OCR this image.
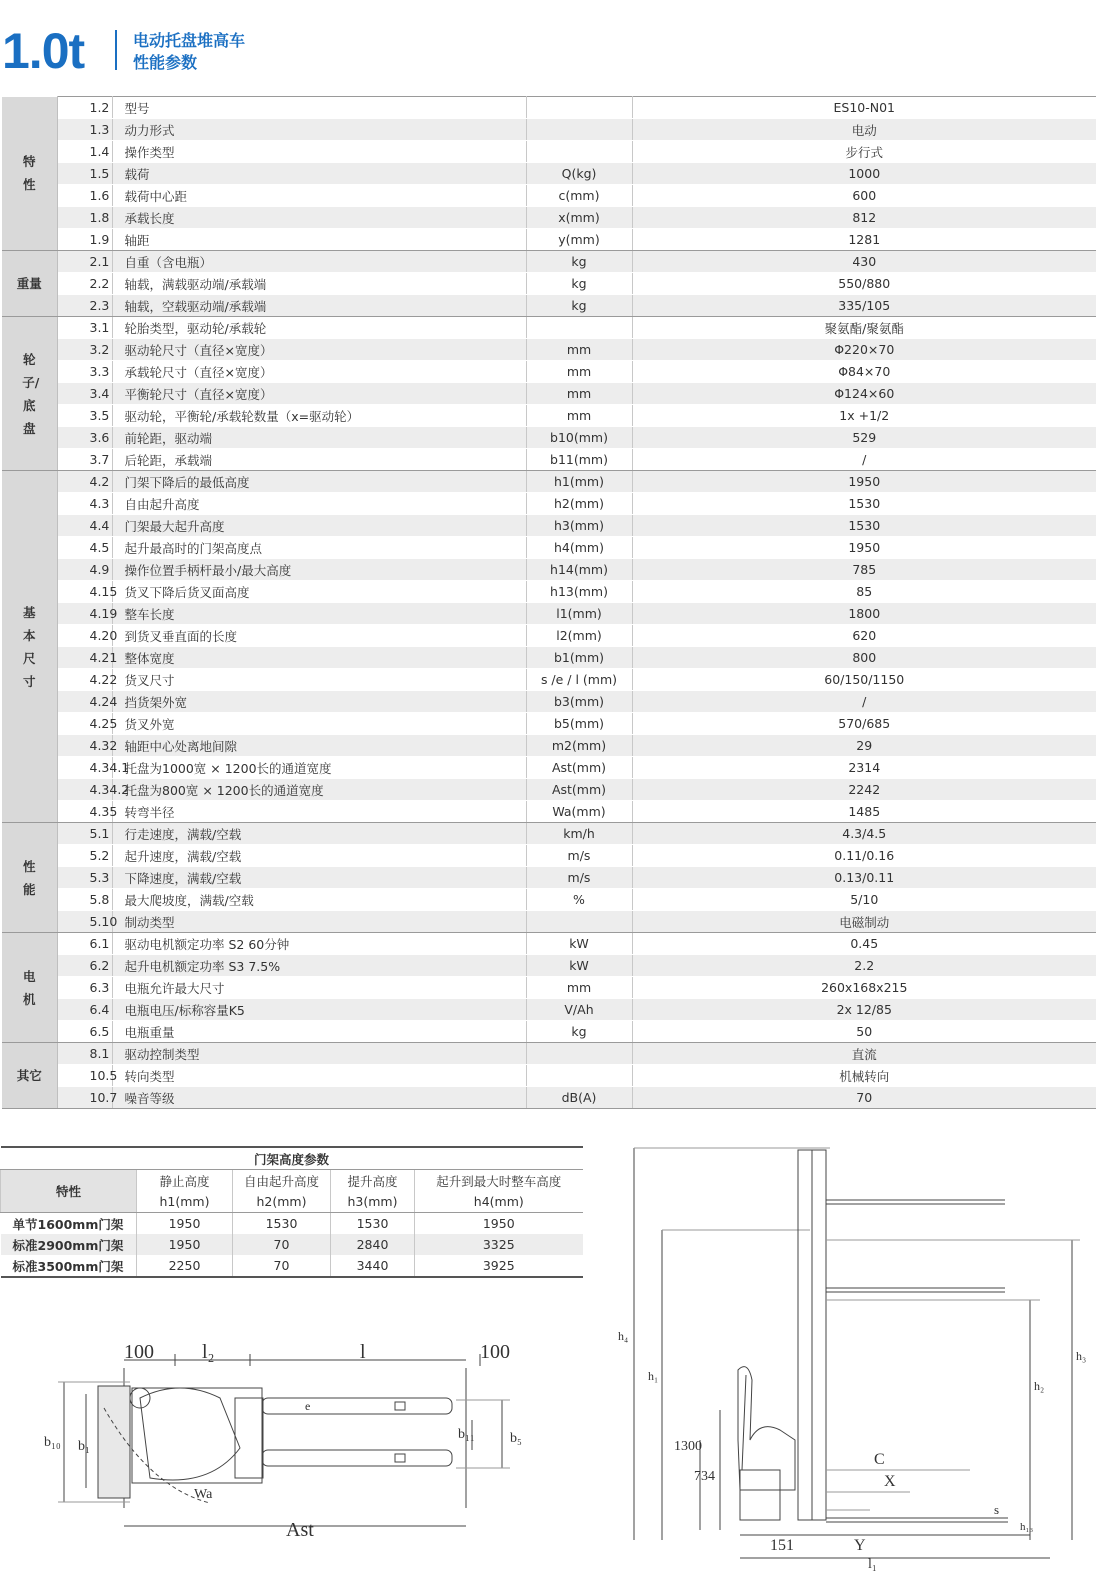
1.0t	电动托盘堆高车
性能参数
特性	1.2	型号		ES10-N01
	1.3	动力形式		电动
	1.4	操作类型		步行式
	1.5	载荷	Q(kg)	1000
	1.6	载荷中心距	c(mm)	600
	1.8	承载长度	x(mm)	812
	1.9	轴距	y(mm)	1281
重量	2.1	自重（含电瓶）	kg	430
	2.2	轴载，满载驱动端/承载端	kg	550/880
	2.3	轴载，空载驱动端/承载端	kg	335/105
轮子/底盘	3.1	轮胎类型，驱动轮/承载轮		聚氨酯/聚氨酯
	3.2	驱动轮尺寸（直径×宽度）	mm	Φ220×70
	3.3	承载轮尺寸（直径×宽度）	mm	Φ84×70
	3.4	平衡轮尺寸（直径×宽度）	mm	Φ124×60
	3.5	驱动轮，平衡轮/承载轮数量（x=驱动轮）	mm	1x +1/2
	3.6	前轮距，驱动端	b10(mm)	529
	3.7	后轮距，承载端	b11(mm)	/
基本尺寸	4.2	门架下降后的最低高度	h1(mm)	1950
	4.3	自由起升高度	h2(mm)	1530
	4.4	门架最大起升高度	h3(mm)	1530
	4.5	起升最高时的门架高度点	h4(mm)	1950
	4.9	操作位置手柄杆最小/最大高度	h14(mm)	785
	4.15	货叉下降后货叉面高度	h13(mm)	85
	4.19	整车长度	l1(mm)	1800
	4.20	到货叉垂直面的长度	l2(mm)	620
	4.21	整体宽度	b1(mm)	800
	4.22	货叉尺寸	s /e / l (mm)	60/150/1150
	4.24	挡货架外宽	b3(mm)	/
	4.25	货叉外宽	b5(mm)	570/685
	4.32	轴距中心处离地间隙	m2(mm)	29
	4.34.1	托盘为1000宽 × 1200长的通道宽度	Ast(mm)	2314
	4.34.2	托盘为800宽 × 1200长的通道宽度	Ast(mm)	2242
	4.35	转弯半径	Wa(mm)	1485
性能	5.1	行走速度，满载/空载	km/h	4.3/4.5
	5.2	起升速度，满载/空载	m/s	0.11/0.16
	5.3	下降速度，满载/空载	m/s	0.13/0.11
	5.8	最大爬坡度，满载/空载	%	5/10
	5.10	制动类型		电磁制动
电机	6.1	驱动电机额定功率 S2 60分钟	kW	0.45
	6.2	起升电机额定功率 S3 7.5%	kW	2.2
	6.3	电瓶允许最大尺寸	mm	260x168x215
	6.4	电瓶电压/标称容量K5	V/Ah	2x 12/85
	6.5	电瓶重量	kg	50
其它	8.1	驱动控制类型		直流
	10.5	转向类型		机械转向
	10.7	噪音等级	dB(A)	70
门架高度参数				
特性	静止高度	自由起升高度	提升高度	起升到最大时整车高度
	h1(mm)	h2(mm)	h3(mm)	h4(mm)
单节1600mm门架	1950	1530	1530	1950
标准2900mm门架	1950	70	2840	3325
标准3500mm门架	2250	70	3440	3925
100 l₂	l	100
b₁₀ b₁
b₁₁	b₅
e
Wa
Ast
h₄
h₁
h₃
h₂
1300
734
C
X
s
h₁₃
151	Y
l₁
